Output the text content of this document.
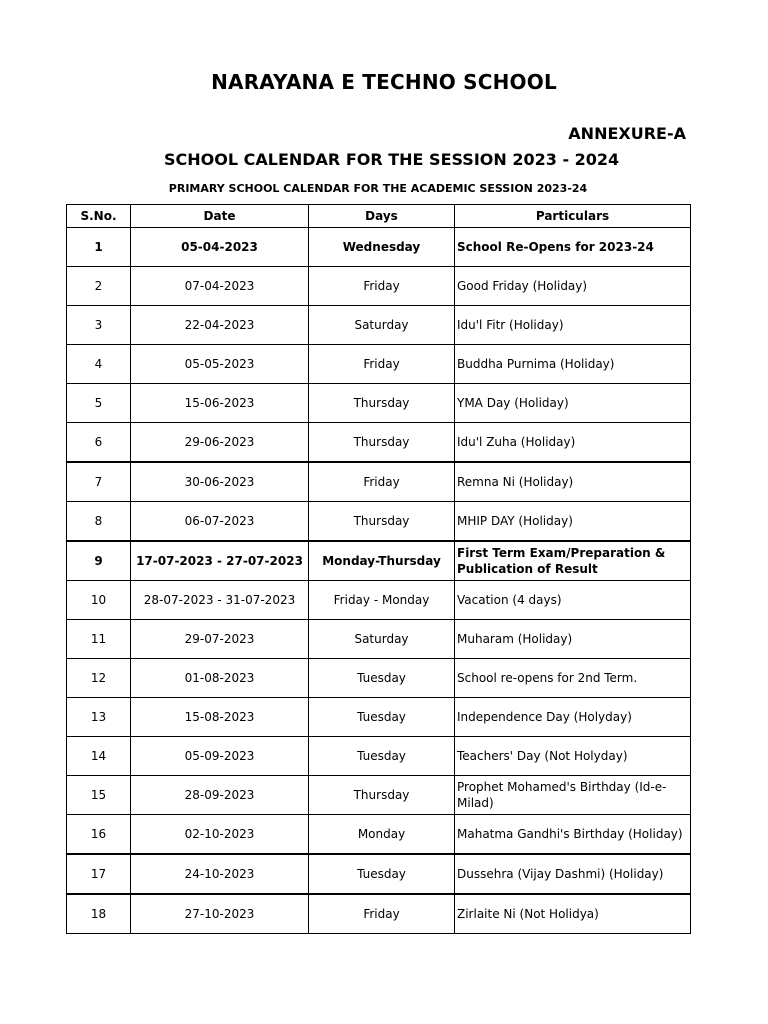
NARAYANA E TECHNO SCHOOL
ANNEXURE-A
SCHOOL CALENDAR FOR THE SESSION 2023 - 2024
PRIMARY SCHOOL CALENDAR FOR THE ACADEMIC SESSION 2023-24
S.No.	Date	Days	Particulars
1	05-04-2023	Wednesday	School Re-Opens for 2023-24
2	07-04-2023	Friday	Good Friday (Holiday)
3	22-04-2023	Saturday	Idu'l Fitr (Holiday)
4	05-05-2023	Friday	Buddha Purnima (Holiday)
5	15-06-2023	Thursday	YMA Day (Holiday)
6	29-06-2023	Thursday	Idu'l Zuha (Holiday)
7	30-06-2023	Friday	Remna Ni (Holiday)
8	06-07-2023	Thursday	MHIP DAY (Holiday)
9	17-07-2023 - 27-07-2023	Monday-Thursday	First Term Exam/Preparation & Publication of Result
10	28-07-2023 - 31-07-2023	Friday - Monday	Vacation (4 days)
11	29-07-2023	Saturday	Muharam (Holiday)
12	01-08-2023	Tuesday	School re-opens for 2nd Term.
13	15-08-2023	Tuesday	Independence Day (Holyday)
14	05-09-2023	Tuesday	Teachers' Day (Not Holyday)
15	28-09-2023	Thursday	Prophet Mohamed's Birthday (Id-e-Milad)
16	02-10-2023	Monday	Mahatma Gandhi's Birthday (Holiday)
17	24-10-2023	Tuesday	Dussehra (Vijay Dashmi) (Holiday)
18	27-10-2023	Friday	Zirlaite Ni (Not Holidya)
